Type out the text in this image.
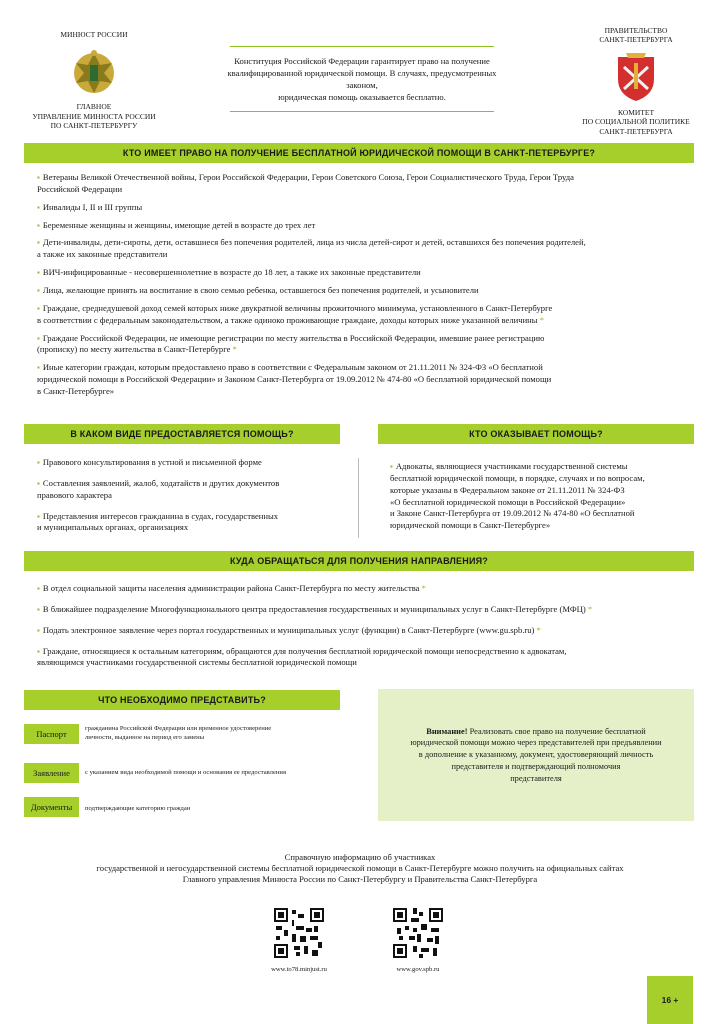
МИНЮСТ РОССИИ
ГЛАВНОЕ
УПРАВЛЕНИЕ МИНЮСТА РОССИИ
ПО САНКТ-ПЕТЕРБУРГУ
Конституция Российской Федерации гарантирует право на получение
квалифицированной юридической помощи. В случаях, предусмотренных законом,
юридическая помощь оказывается бесплатно.
ПРАВИТЕЛЬСТВО
САНКТ-ПЕТЕРБУРГА
КОМИТЕТ
ПО СОЦИАЛЬНОЙ ПОЛИТИКЕ
САНКТ-ПЕТЕРБУРГА
КТО ИМЕЕТ ПРАВО НА ПОЛУЧЕНИЕ БЕСПЛАТНОЙ ЮРИДИЧЕСКОЙ ПОМОЩИ В САНКТ-ПЕТЕРБУРГЕ?
▪ Ветераны Великой Отечественной войны, Герои Российской Федерации, Герои Советского Союза, Герои Социалистического Труда, Герои Труда
Российской Федерации
▪ Инвалиды I, II и III группы
▪ Беременные женщины и женщины, имеющие детей в возрасте до трех лет
▪ Дети-инвалиды, дети-сироты, дети, оставшиеся без попечения родителей, лица из числа детей-сирот и детей, оставшихся без попечения родителей,
а также их законные представители
▪ ВИЧ-инфицированные - несовершеннолетние в возрасте до 18 лет, а также их законные представители
▪ Лица, желающие принять на воспитание в свою семью ребенка, оставшегося без попечения родителей, и усыновители
▪ Граждане, среднедушевой доход семей которых ниже двукратной величины прожиточного минимума, установленного в Санкт-Петербурге
в соответствии с федеральным законодательством, а также одиноко проживающие граждане, доходы которых ниже указанной величины *
▪ Граждане Российской Федерации, не имеющие регистрации по месту жительства в Российской Федерации, имевшие ранее регистрацию
(прописку) по месту жительства в Санкт-Петербурге *
▪ Иные категории граждан, которым предоставлено право в соответствии с Федеральным законом от 21.11.2011 № 324-ФЗ «О бесплатной
юридической помощи в Российской Федерации» и Законом Санкт-Петербурга от 19.09.2012 № 474-80 «О бесплатной юридической помощи
в Санкт-Петербурге»
В КАКОМ ВИДЕ ПРЕДОСТАВЛЯЕТСЯ ПОМОЩЬ?
▪ Правового консультирования в устной и письменной форме
▪ Составления заявлений, жалоб, ходатайств и других документов
правового характера
▪ Представления интересов гражданина в судах, государственных
и муниципальных органах, организациях
КТО ОКАЗЫВАЕТ ПОМОЩЬ?
▪ Адвокаты, являющиеся участниками государственной системы
бесплатной юридической помощи, в порядке, случаях и по вопросам,
которые указаны в Федеральном законе от 21.11.2011 № 324-ФЗ
«О бесплатной юридической помощи в Российской Федерации»
и Законе Санкт-Петербурга от 19.09.2012 № 474-80 «О бесплатной
юридической помощи в Санкт-Петербурге»
КУДА ОБРАЩАТЬСЯ ДЛЯ ПОЛУЧЕНИЯ НАПРАВЛЕНИЯ?
▪ В отдел социальной защиты населения администрации района Санкт-Петербурга по месту жительства *
▪ В ближайшее подразделение Многофункционального центра предоставления государственных и муниципальных услуг в Санкт-Петербурге (МФЦ) *
▪ Подать электронное заявление через портал государственных и муниципальных услуг (функции) в Санкт-Петербурге (www.gu.spb.ru) *
▪ Граждане, относящиеся к остальным категориям, обращаются для получения бесплатной юридической помощи непосредственно к адвокатам,
являющимся участниками государственной системы бесплатной юридической помощи
ЧТО НЕОБХОДИМО ПРЕДСТАВИТЬ?
Паспорт
гражданина Российской Федерации или временное удостоверение
личности, выданное на период его замены
Заявление	с указанием вида необходимой помощи и основания ее предоставления
Документы	подтверждающие категорию граждан
Внимание! Реализовать свое право на получение бесплатной
юридической помощи можно через представителей при предъявлении
в дополнение к указанному, документ, удостоверяющий личность
представителя и подтверждающий полномочия
представителя
Справочную информацию об участниках
государственной и негосударственной системы бесплатной юридической помощи в Санкт-Петербурге можно получить на официальных сайтах
Главного управления Минюста России по Санкт-Петербургу и Правительства Санкт-Петербурга
www.to78.minjust.ru	www.gov.spb.ru
16 +
